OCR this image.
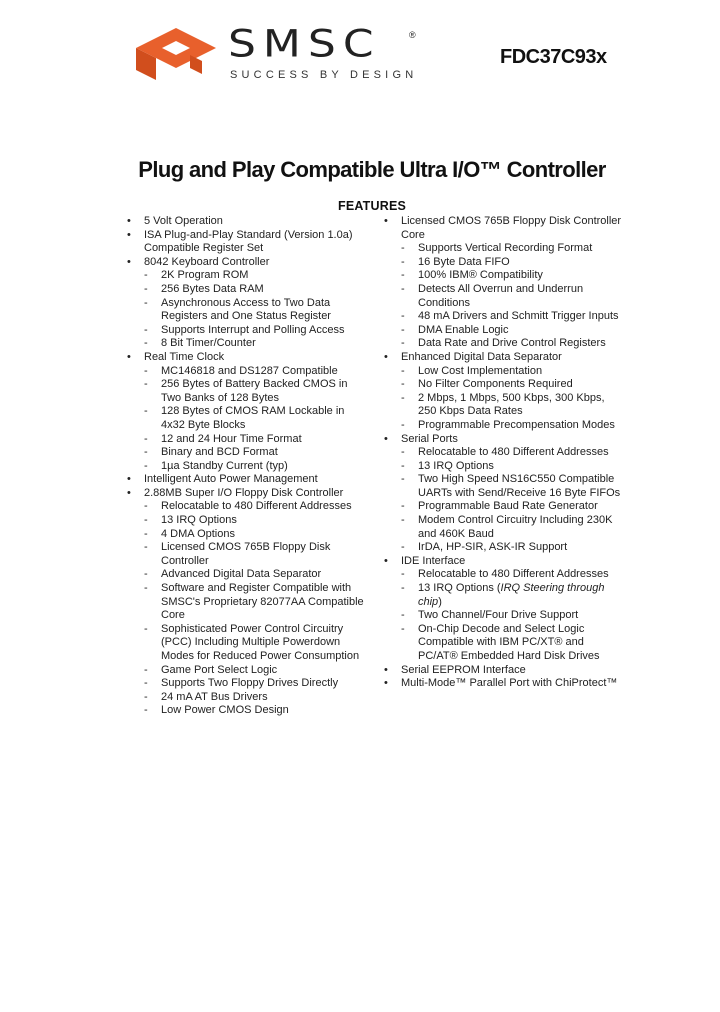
SMSC	®
SUCCESS BY DESIGN
FDC37C93x
Plug and Play Compatible Ultra I/O™ Controller
FEATURES
• 5 Volt Operation
• ISA Plug-and-Play Standard (Version 1.0a) Compatible Register Set
• 8042 Keyboard Controller
- 2K Program ROM
- 256 Bytes Data RAM
- Asynchronous Access to Two Data Registers and One Status Register
- Supports Interrupt and Polling Access
- 8 Bit Timer/Counter
• Real Time Clock
- MC146818 and DS1287 Compatible
- 256 Bytes of Battery Backed CMOS in Two Banks of 128 Bytes
- 128 Bytes of CMOS RAM Lockable in 4x32 Byte Blocks
- 12 and 24 Hour Time Format
- Binary and BCD Format
- 1µa Standby Current (typ)
• Intelligent Auto Power Management
• 2.88MB Super I/O Floppy Disk Controller
- Relocatable to 480 Different Addresses
- 13 IRQ Options
- 4 DMA Options
- Licensed CMOS 765B Floppy Disk Controller
- Advanced Digital Data Separator
- Software and Register Compatible with SMSC's Proprietary 82077AA Compatible Core
- Sophisticated Power Control Circuitry (PCC) Including Multiple Powerdown Modes for Reduced Power Consumption
- Game Port Select Logic
- Supports Two Floppy Drives Directly
- 24 mA AT Bus Drivers
- Low Power CMOS Design
• Licensed CMOS 765B Floppy Disk Controller Core
- Supports Vertical Recording Format
- 16 Byte Data FIFO
- 100% IBM® Compatibility
- Detects All Overrun and Underrun Conditions
- 48 mA Drivers and Schmitt Trigger Inputs
- DMA Enable Logic
- Data Rate and Drive Control Registers
• Enhanced Digital Data Separator
- Low Cost Implementation
- No Filter Components Required
- 2 Mbps, 1 Mbps, 500 Kbps, 300 Kbps, 250 Kbps Data Rates
- Programmable Precompensation Modes
• Serial Ports
- Relocatable to 480 Different Addresses
- 13 IRQ Options
- Two High Speed NS16C550 Compatible UARTs with Send/Receive 16 Byte FIFOs
- Programmable Baud Rate Generator
- Modem Control Circuitry Including 230K and 460K Baud
- IrDA, HP-SIR, ASK-IR Support
• IDE Interface
- Relocatable to 480 Different Addresses
- 13 IRQ Options (IRQ Steering through chip)
- Two Channel/Four Drive Support
- On-Chip Decode and Select Logic Compatible with IBM PC/XT® and PC/AT® Embedded Hard Disk Drives
• Serial EEPROM Interface
• Multi-Mode™ Parallel Port with ChiProtect™
